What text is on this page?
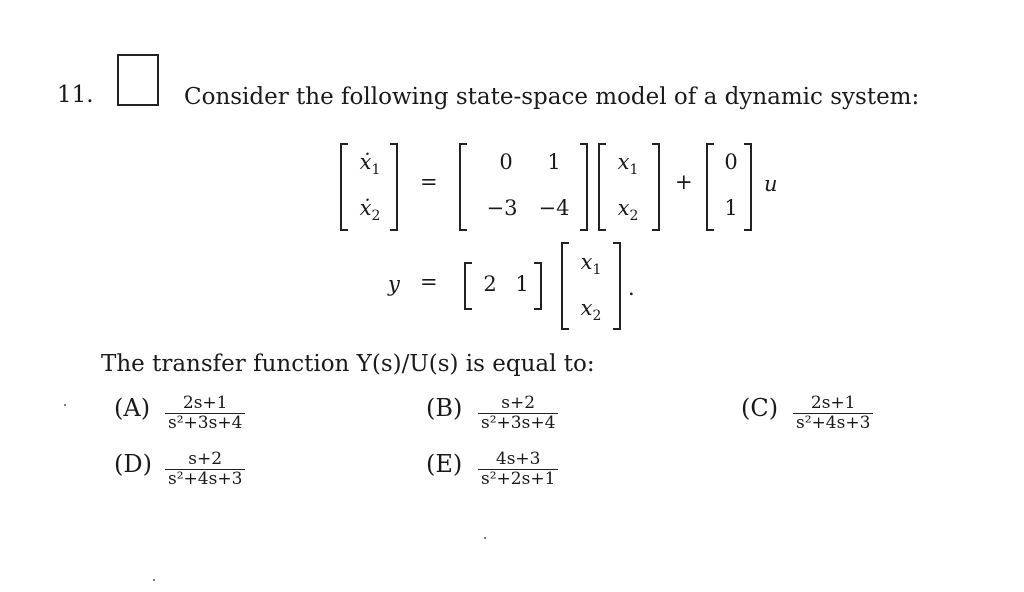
11.	Consider the following state-space model of a dynamic system:
ẋ$_1$
ẋ$_2$
=
0 1
−3 −4
$x_1$
$x_2$
+
0
1
u
y = 2 1
$x_1$
$x_2$
.
The transfer function Y(s)/U(s) is equal to:
$(A) \frac{2s+1}{\text{s²+3s+4}}$	$(B) \frac{s+2}{\text{s²+3s+4}}$	$(C) \frac{2s+1}{\text{s²+4s+3}}$
$(D) \frac{s+2}{\text{s²+4s+3}}$	$(E) \frac{4s+3}{\text{s²+2s+1}}$
